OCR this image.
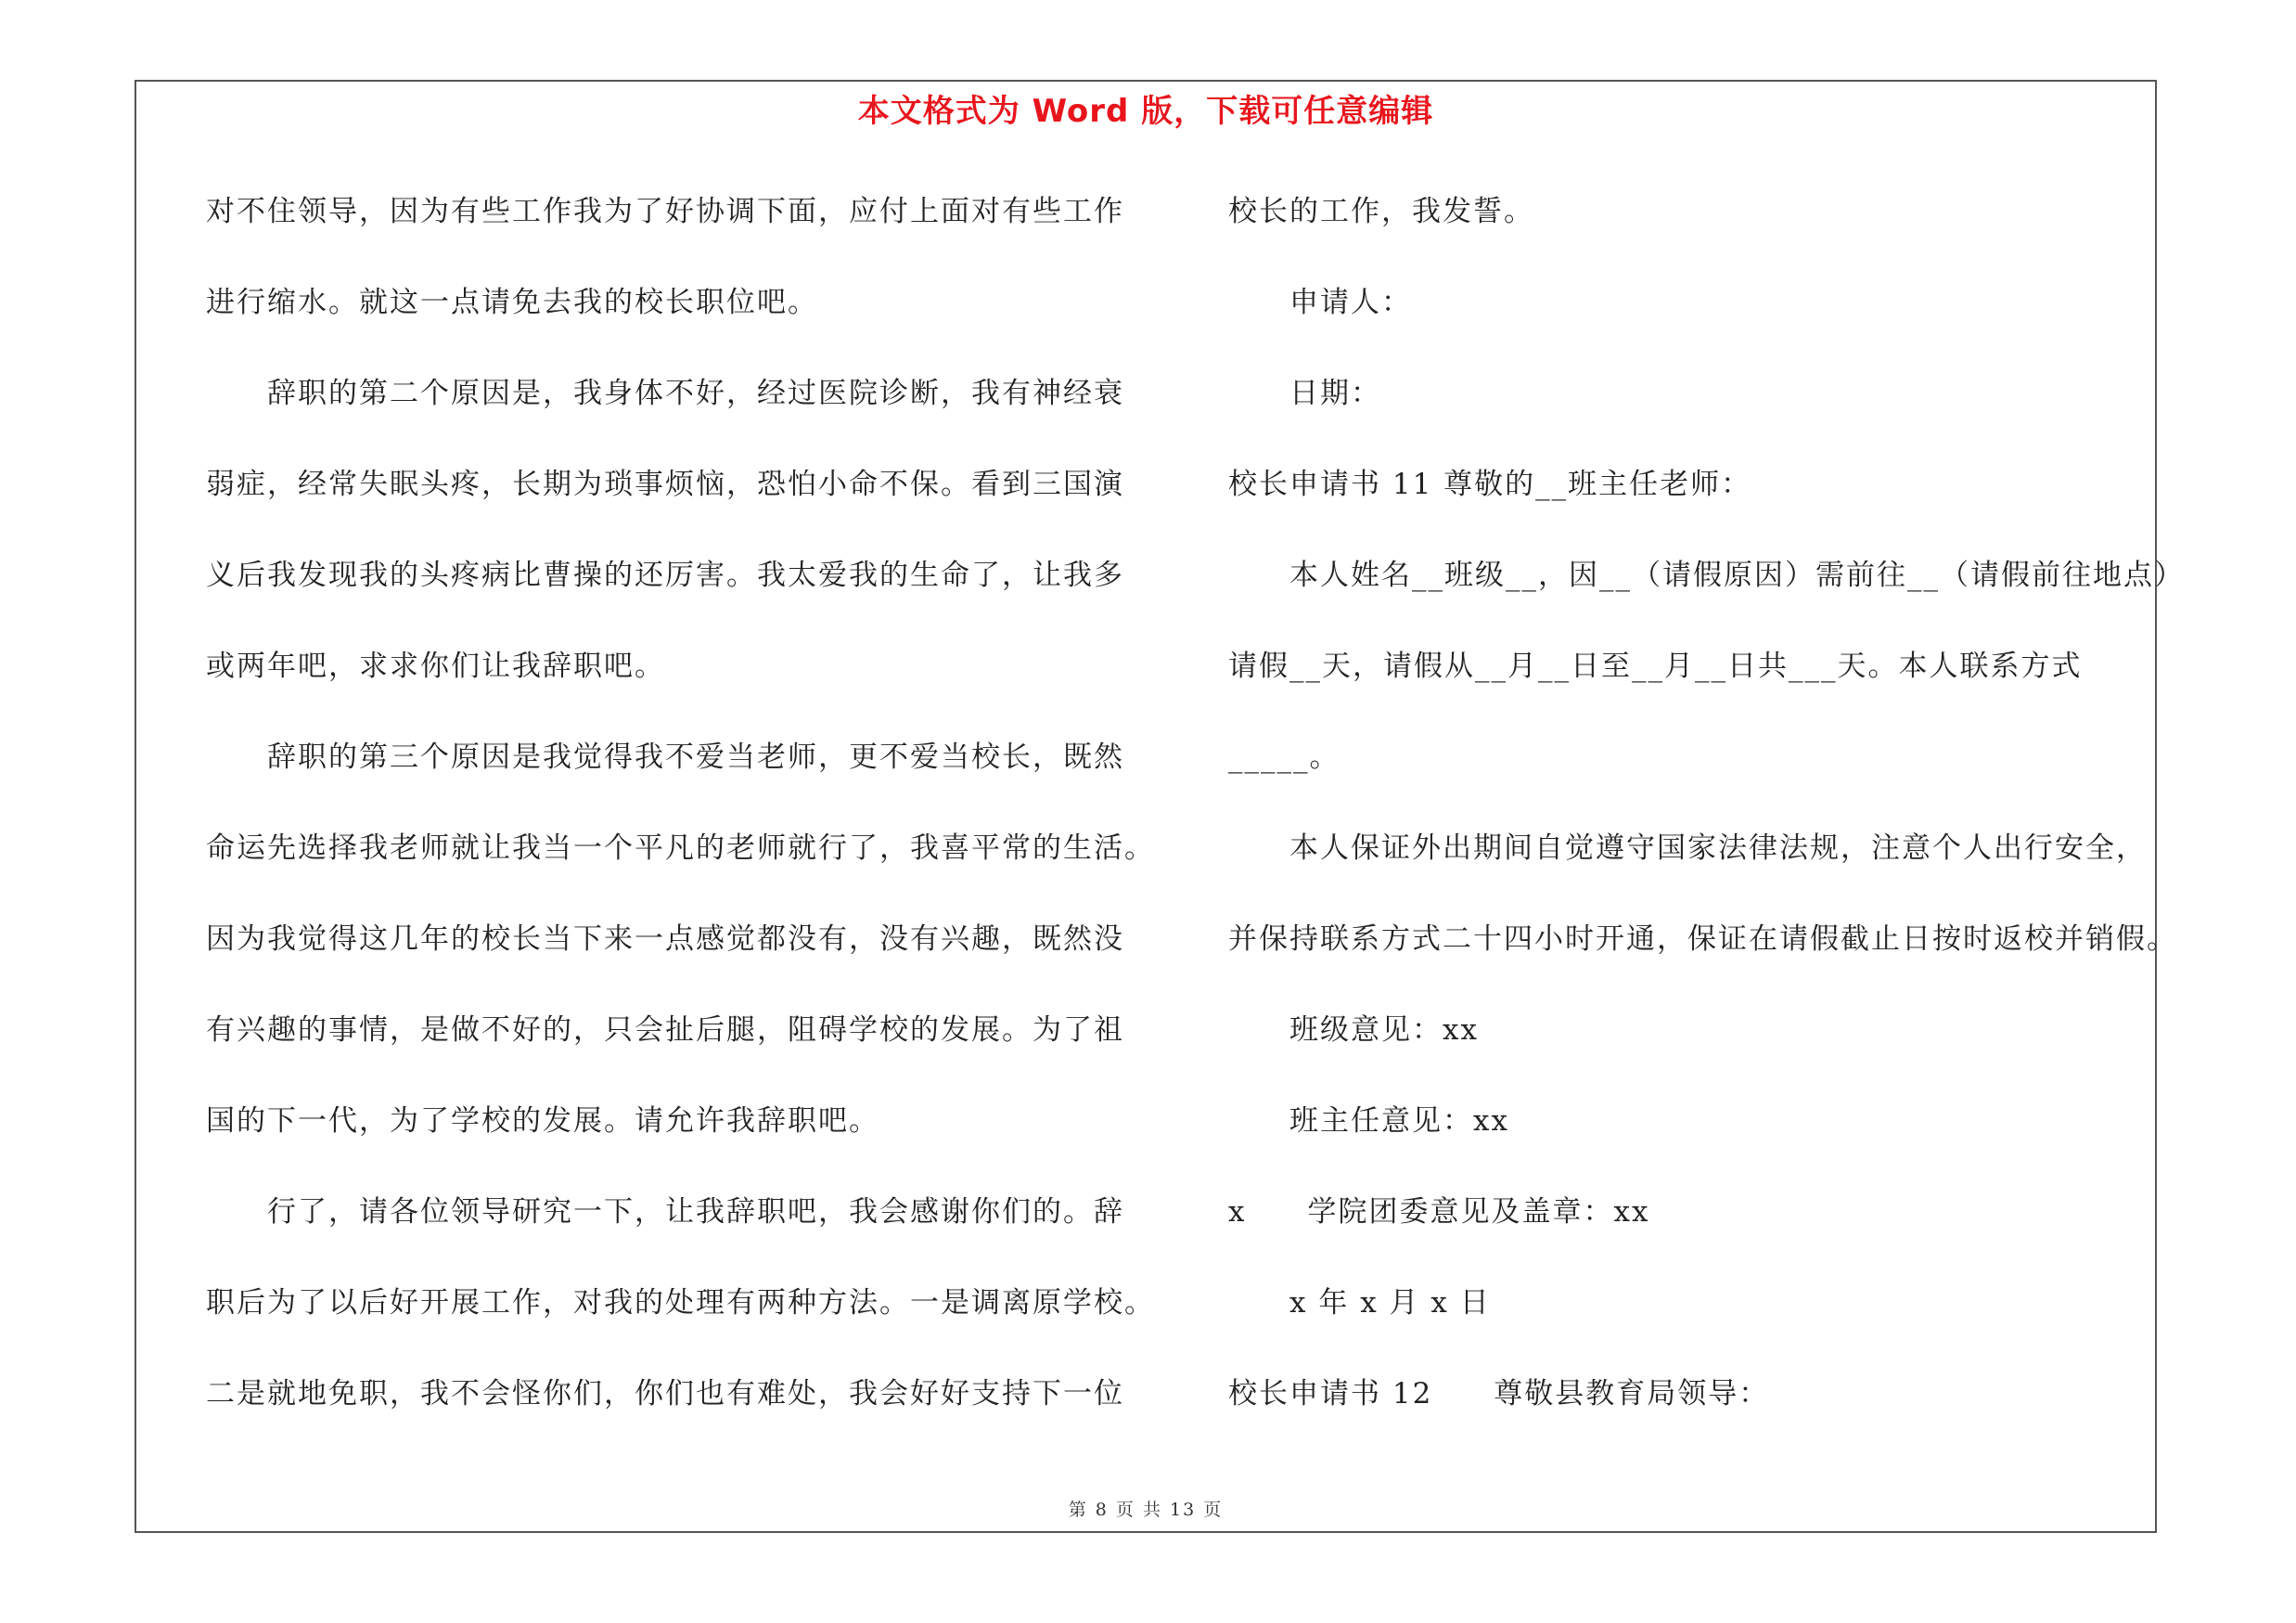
本文格式为 Word 版，下载可任意编辑
对不住领导，因为有些工作我为了好协调下面，应付上面对有些工作
进行缩水。就这一点请免去我的校长职位吧。
辞职的第二个原因是，我身体不好，经过医院诊断，我有神经衰
弱症，经常失眠头疼，长期为琐事烦恼，恐怕小命不保。看到三国演
义后我发现我的头疼病比曹操的还厉害。我太爱我的生命了，让我多
或两年吧，求求你们让我辞职吧。
辞职的第三个原因是我觉得我不爱当老师，更不爱当校长，既然
命运先选择我老师就让我当一个平凡的老师就行了，我喜平常的生活。
因为我觉得这几年的校长当下来一点感觉都没有，没有兴趣，既然没
有兴趣的事情，是做不好的，只会扯后腿，阻碍学校的发展。为了祖
国的下一代，为了学校的发展。请允许我辞职吧。
行了，请各位领导研究一下，让我辞职吧，我会感谢你们的。辞
职后为了以后好开展工作，对我的处理有两种方法。一是调离原学校。
二是就地免职，我不会怪你们，你们也有难处，我会好好支持下一位
校长的工作，我发誓。
申请人：
日期：
校长申请书 11 尊敬的__班主任老师：
本人姓名__班级__，因__（请假原因）需前往__（请假前往地点）
请假__天，请假从__月__日至__月__日共___天。本人联系方式
_____。
本人保证外出期间自觉遵守国家法律法规，注意个人出行安全，
并保持联系方式二十四小时开通，保证在请假截止日按时返校并销假。
班级意见：xx
班主任意见：xx
x　　学院团委意见及盖章：xx
x 年 x 月 x 日
校长申请书 12　　尊敬县教育局领导：
第 8 页 共 13 页
